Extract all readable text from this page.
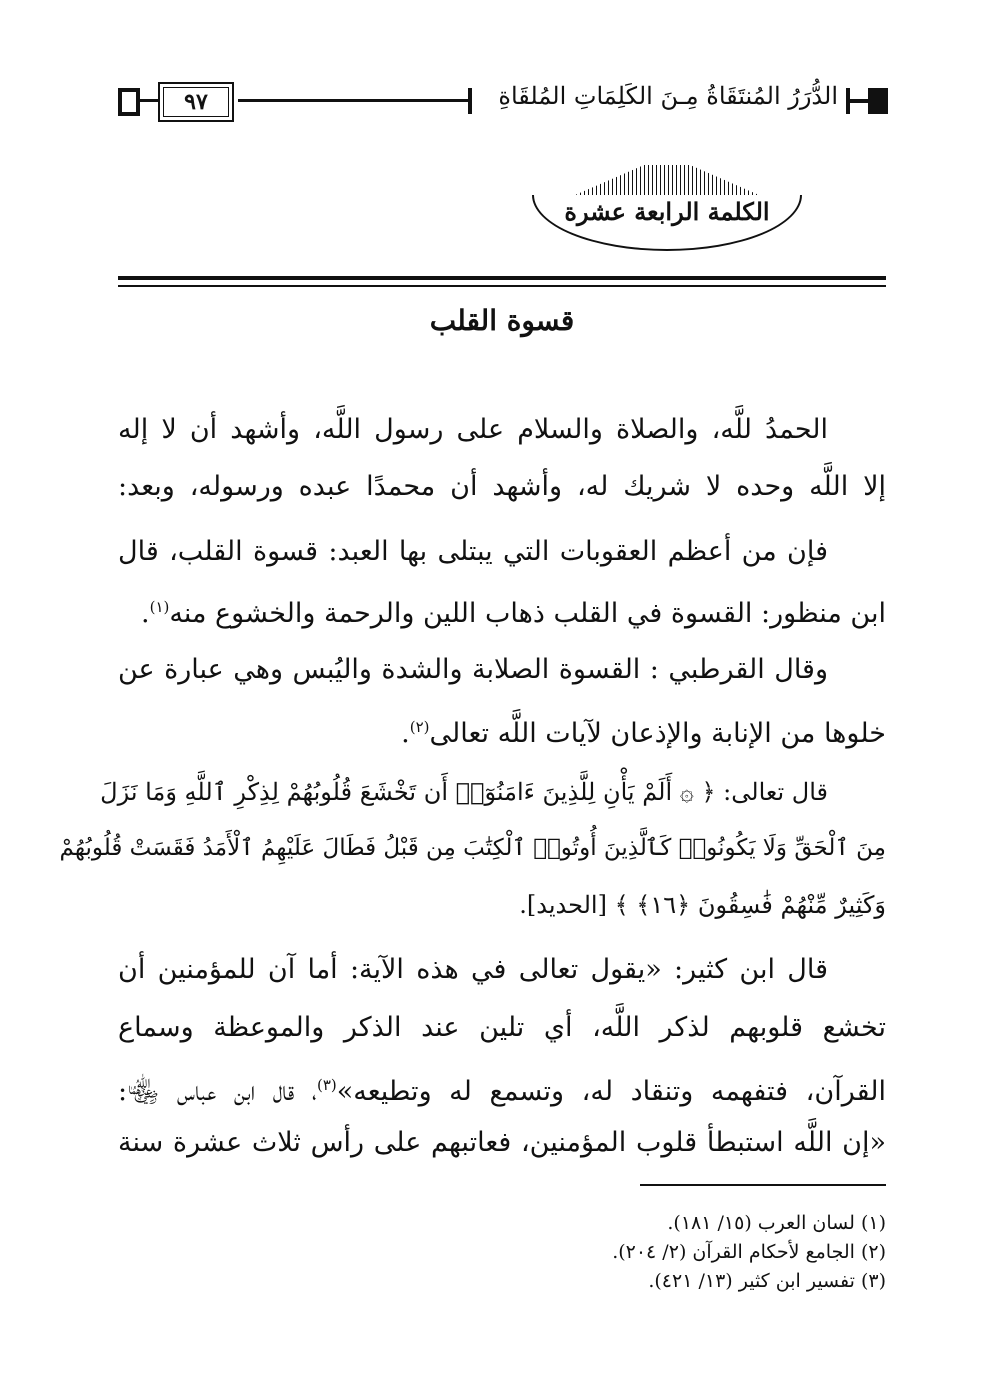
الدُّرَرُ المُنتَقَاةُ مِـنَ الكَلِمَاتِ المُلقَاةِ
٩٧
الكلمة الرابعة عشرة
قسوة القلب
الحمدُ للَّه، والصلاة والسلام على رسول اللَّه، وأشهد أن لا إله
إلا اللَّه وحده لا شريك له، وأشهد أن محمدًا عبده ورسوله، وبعد:
فإن من أعظم العقوبات التي يبتلى بها العبد: قسوة القلب، قال
ابن منظور: القسوة في القلب ذهاب اللين والرحمة والخشوع منه$^{(١)}$.
وقال القرطبي : القسوة الصلابة والشدة واليُبس وهي عبارة عن
خلوها من الإنابة والإذعان لآيات اللَّه تعالى$^{(٢)}$.
قال تعالى: ﴿ ۞ أَلَمْ يَأْنِ لِلَّذِينَ ءَامَنُوٓا۟ أَن تَخْشَعَ قُلُوبُهُمْ لِذِكْرِ ٱللَّهِ وَمَا نَزَلَ
مِنَ ٱلْحَقِّ وَلَا يَكُونُوا۟ كَٱلَّذِينَ أُوتُوا۟ ٱلْكِتَٰبَ مِن قَبْلُ فَطَالَ عَلَيْهِمُ ٱلْأَمَدُ فَقَسَتْ قُلُوبُهُمْ
وَكَثِيرٌ مِّنْهُمْ فَٰسِقُونَ ﴿١٦﴾ ﴾ [الحديد].
قال ابن كثير: «يقول تعالى في هذه الآية: أما آن للمؤمنين أن
تخشع قلوبهم لذكر اللَّه، أي تلين عند الذكر والموعظة وسماع
القرآن، فتفهمه وتنقاد له، وتسمع له وتطيعه»$^{(٣)}$، قال ابن عباس ﵄:
«إن اللَّه استبطأ قلوب المؤمنين، فعاتبهم على رأس ثلاث عشرة سنة
(١) لسان العرب (١٥/ ١٨١).
(٢) الجامع لأحكام القرآن (٢/ ٢٠٤).
(٣) تفسير ابن كثير (١٣/ ٤٢١).
